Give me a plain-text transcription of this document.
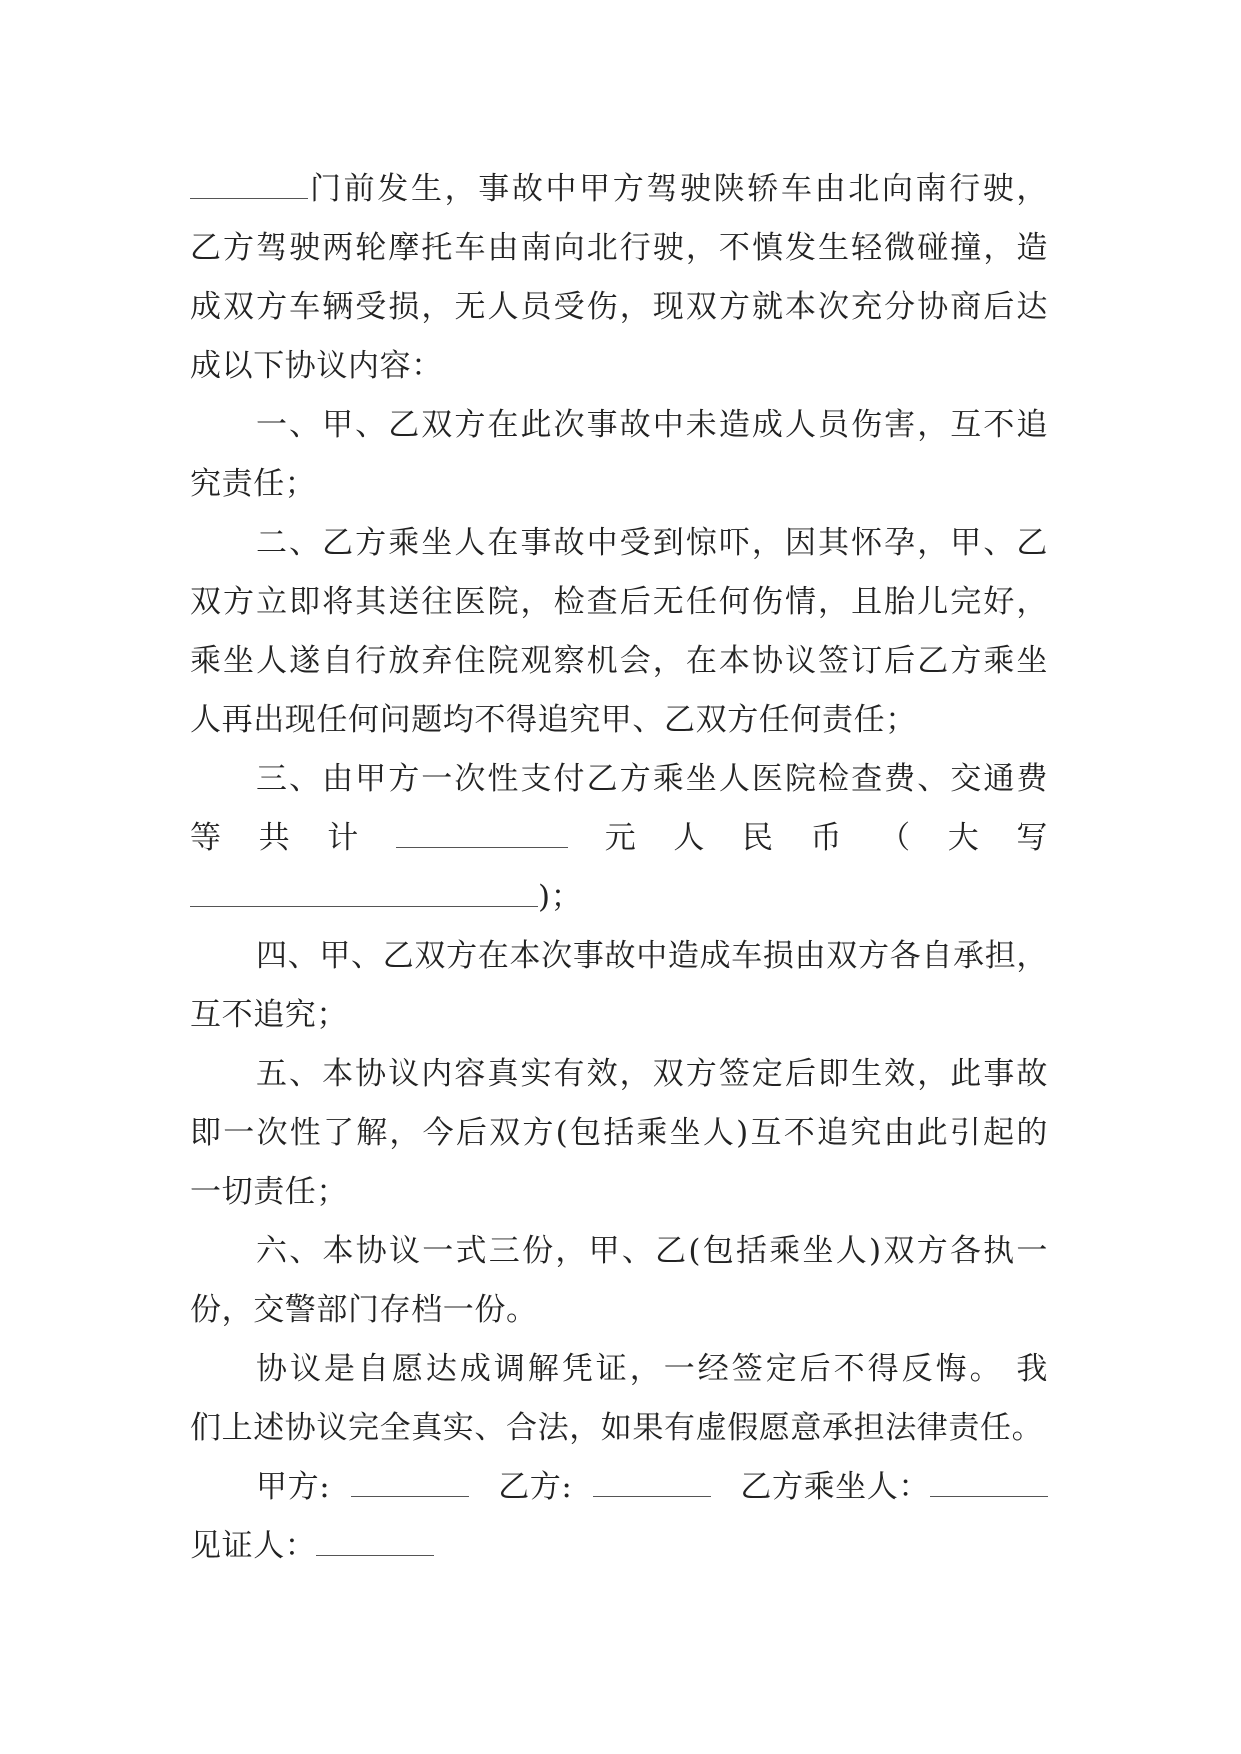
门前发生，事故中甲方驾驶陕轿车由北向南行驶，
乙方驾驶两轮摩托车由南向北行驶，不慎发生轻微碰撞，造
成双方车辆受损，无人员受伤，现双方就本次充分协商后达
成以下协议内容：
一、甲、乙双方在此次事故中未造成人员伤害，互不追
究责任；
二、乙方乘坐人在事故中受到惊吓，因其怀孕，甲、乙
双方立即将其送往医院，检查后无任何伤情，且胎儿完好，
乘坐人遂自行放弃住院观察机会，在本协议签订后乙方乘坐
人再出现任何问题均不得追究甲、乙双方任何责任；
三、由甲方一次性支付乙方乘坐人医院检查费、交通费
等 共 计	元 人 民 币 （ 大 写
)；
四、甲、乙双方在本次事故中造成车损由双方各自承担，
互不追究；
五、本协议内容真实有效，双方签定后即生效，此事故
即一次性了解，今后双方(包括乘坐人)互不追究由此引起的
一切责任；
六、本协议一式三份，甲、乙(包括乘坐人)双方各执一
份，交警部门存档一份。
协议是自愿达成调解凭证，一经签定后不得反悔。 我
们上述协议完全真实、合法，如果有虚假愿意承担法律责任。
甲方:	乙方:	乙方乘坐人：
见证人：
